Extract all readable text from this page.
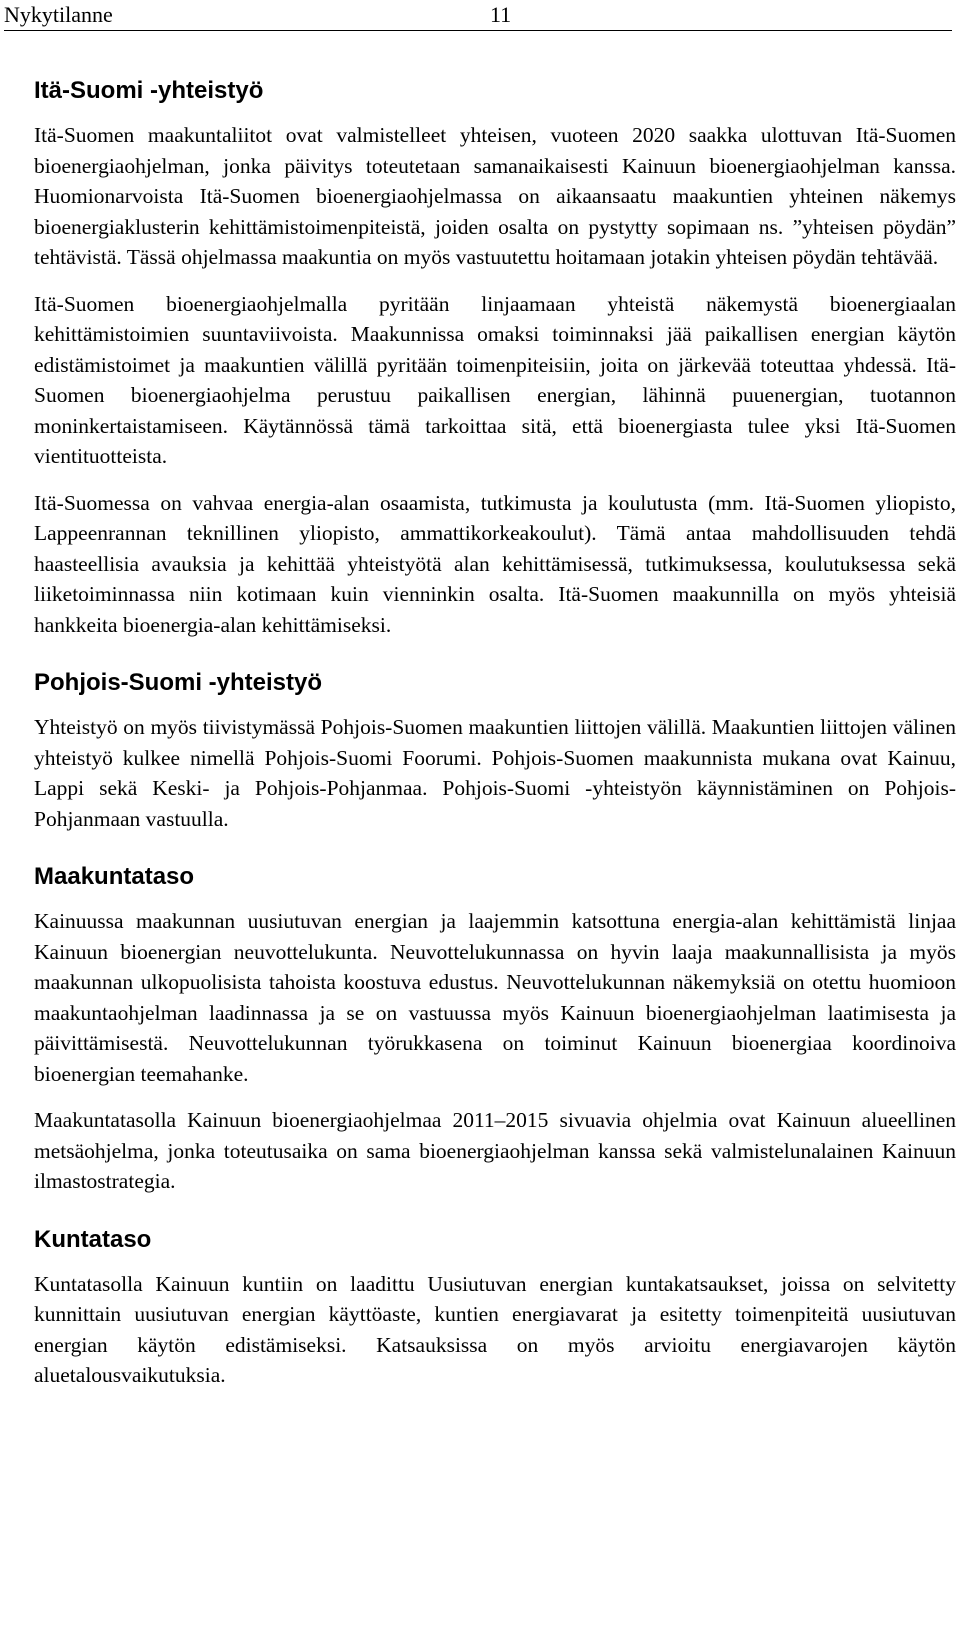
Nykytilanne	11
Itä-Suomi -yhteistyö

Itä-Suomen maakuntaliitot ovat valmistelleet yhteisen, vuoteen 2020 saakka ulottuvan Itä-Suomen bioenergiaohjelman, jonka päivitys toteutetaan samanaikaisesti Kainuun bioenergiaohjelman kanssa. Huomionarvoista Itä-Suomen bioenergiaohjelmassa on aikaansaatu maakuntien yhteinen näkemys bioenergiaklusterin kehittämistoimenpiteistä, joiden osalta on pystytty sopimaan ns. ”yhteisen pöydän” tehtävistä. Tässä ohjelmassa maakuntia on myös vastuutettu hoitamaan jotakin yhteisen pöydän tehtävää.

Itä-Suomen bioenergiaohjelmalla pyritään linjaamaan yhteistä näkemystä bioenergiaalan kehittämistoimien suuntaviivoista. Maakunnissa omaksi toiminnaksi jää paikallisen energian käytön edistämistoimet ja maakuntien välillä pyritään toimenpiteisiin, joita on järkevää toteuttaa yhdessä. Itä-Suomen bioenergiaohjelma perustuu paikallisen energian, lähinnä puuenergian, tuotannon moninkertaistamiseen. Käytännössä tämä tarkoittaa sitä, että bioenergiasta tulee yksi Itä-Suomen vientituotteista.

Itä-Suomessa on vahvaa energia-alan osaamista, tutkimusta ja koulutusta (mm. Itä-Suomen yliopisto, Lappeenrannan teknillinen yliopisto, ammattikorkeakoulut). Tämä antaa mahdollisuuden tehdä haasteellisia avauksia ja kehittää yhteistyötä alan kehittämisessä, tutkimuksessa, koulutuksessa sekä liiketoiminnassa niin kotimaan kuin vienninkin osalta. Itä-Suomen maakunnilla on myös yhteisiä hankkeita bioenergia-alan kehittämiseksi.

Pohjois-Suomi -yhteistyö

Yhteistyö on myös tiivistymässä Pohjois-Suomen maakuntien liittojen välillä. Maakuntien liittojen välinen yhteistyö kulkee nimellä Pohjois-Suomi Foorumi. Pohjois-Suomen maakunnista mukana ovat Kainuu, Lappi sekä Keski- ja Pohjois-Pohjanmaa. Pohjois-Suomi -yhteistyön käynnistäminen on Pohjois-Pohjanmaan vastuulla.

Maakuntataso

Kainuussa maakunnan uusiutuvan energian ja laajemmin katsottuna energia-alan kehittämistä linjaa Kainuun bioenergian neuvottelukunta. Neuvottelukunnassa on hyvin laaja maakunnallisista ja myös maakunnan ulkopuolisista tahoista koostuva edustus. Neuvottelukunnan näkemyksiä on otettu huomioon maakuntaohjelman laadinnassa ja se on vastuussa myös Kainuun bioenergiaohjelman laatimisesta ja päivittämisestä. Neuvottelukunnan työrukkasena on toiminut Kainuun bioenergiaa koordinoiva bioenergian teemahanke.

Maakuntatasolla Kainuun bioenergiaohjelmaa 2011–2015 sivuavia ohjelmia ovat Kainuun alueellinen metsäohjelma, jonka toteutusaika on sama bioenergiaohjelman kanssa sekä valmistelunalainen Kainuun ilmastostrategia.

Kuntataso

Kuntatasolla Kainuun kuntiin on laadittu Uusiutuvan energian kuntakatsaukset, joissa on selvitetty kunnittain uusiutuvan energian käyttöaste, kuntien energiavarat ja esitetty toimenpiteitä uusiutuvan energian käytön edistämiseksi. Katsauksissa on myös arvioitu energiavarojen käytön aluetalousvaikutuksia.
